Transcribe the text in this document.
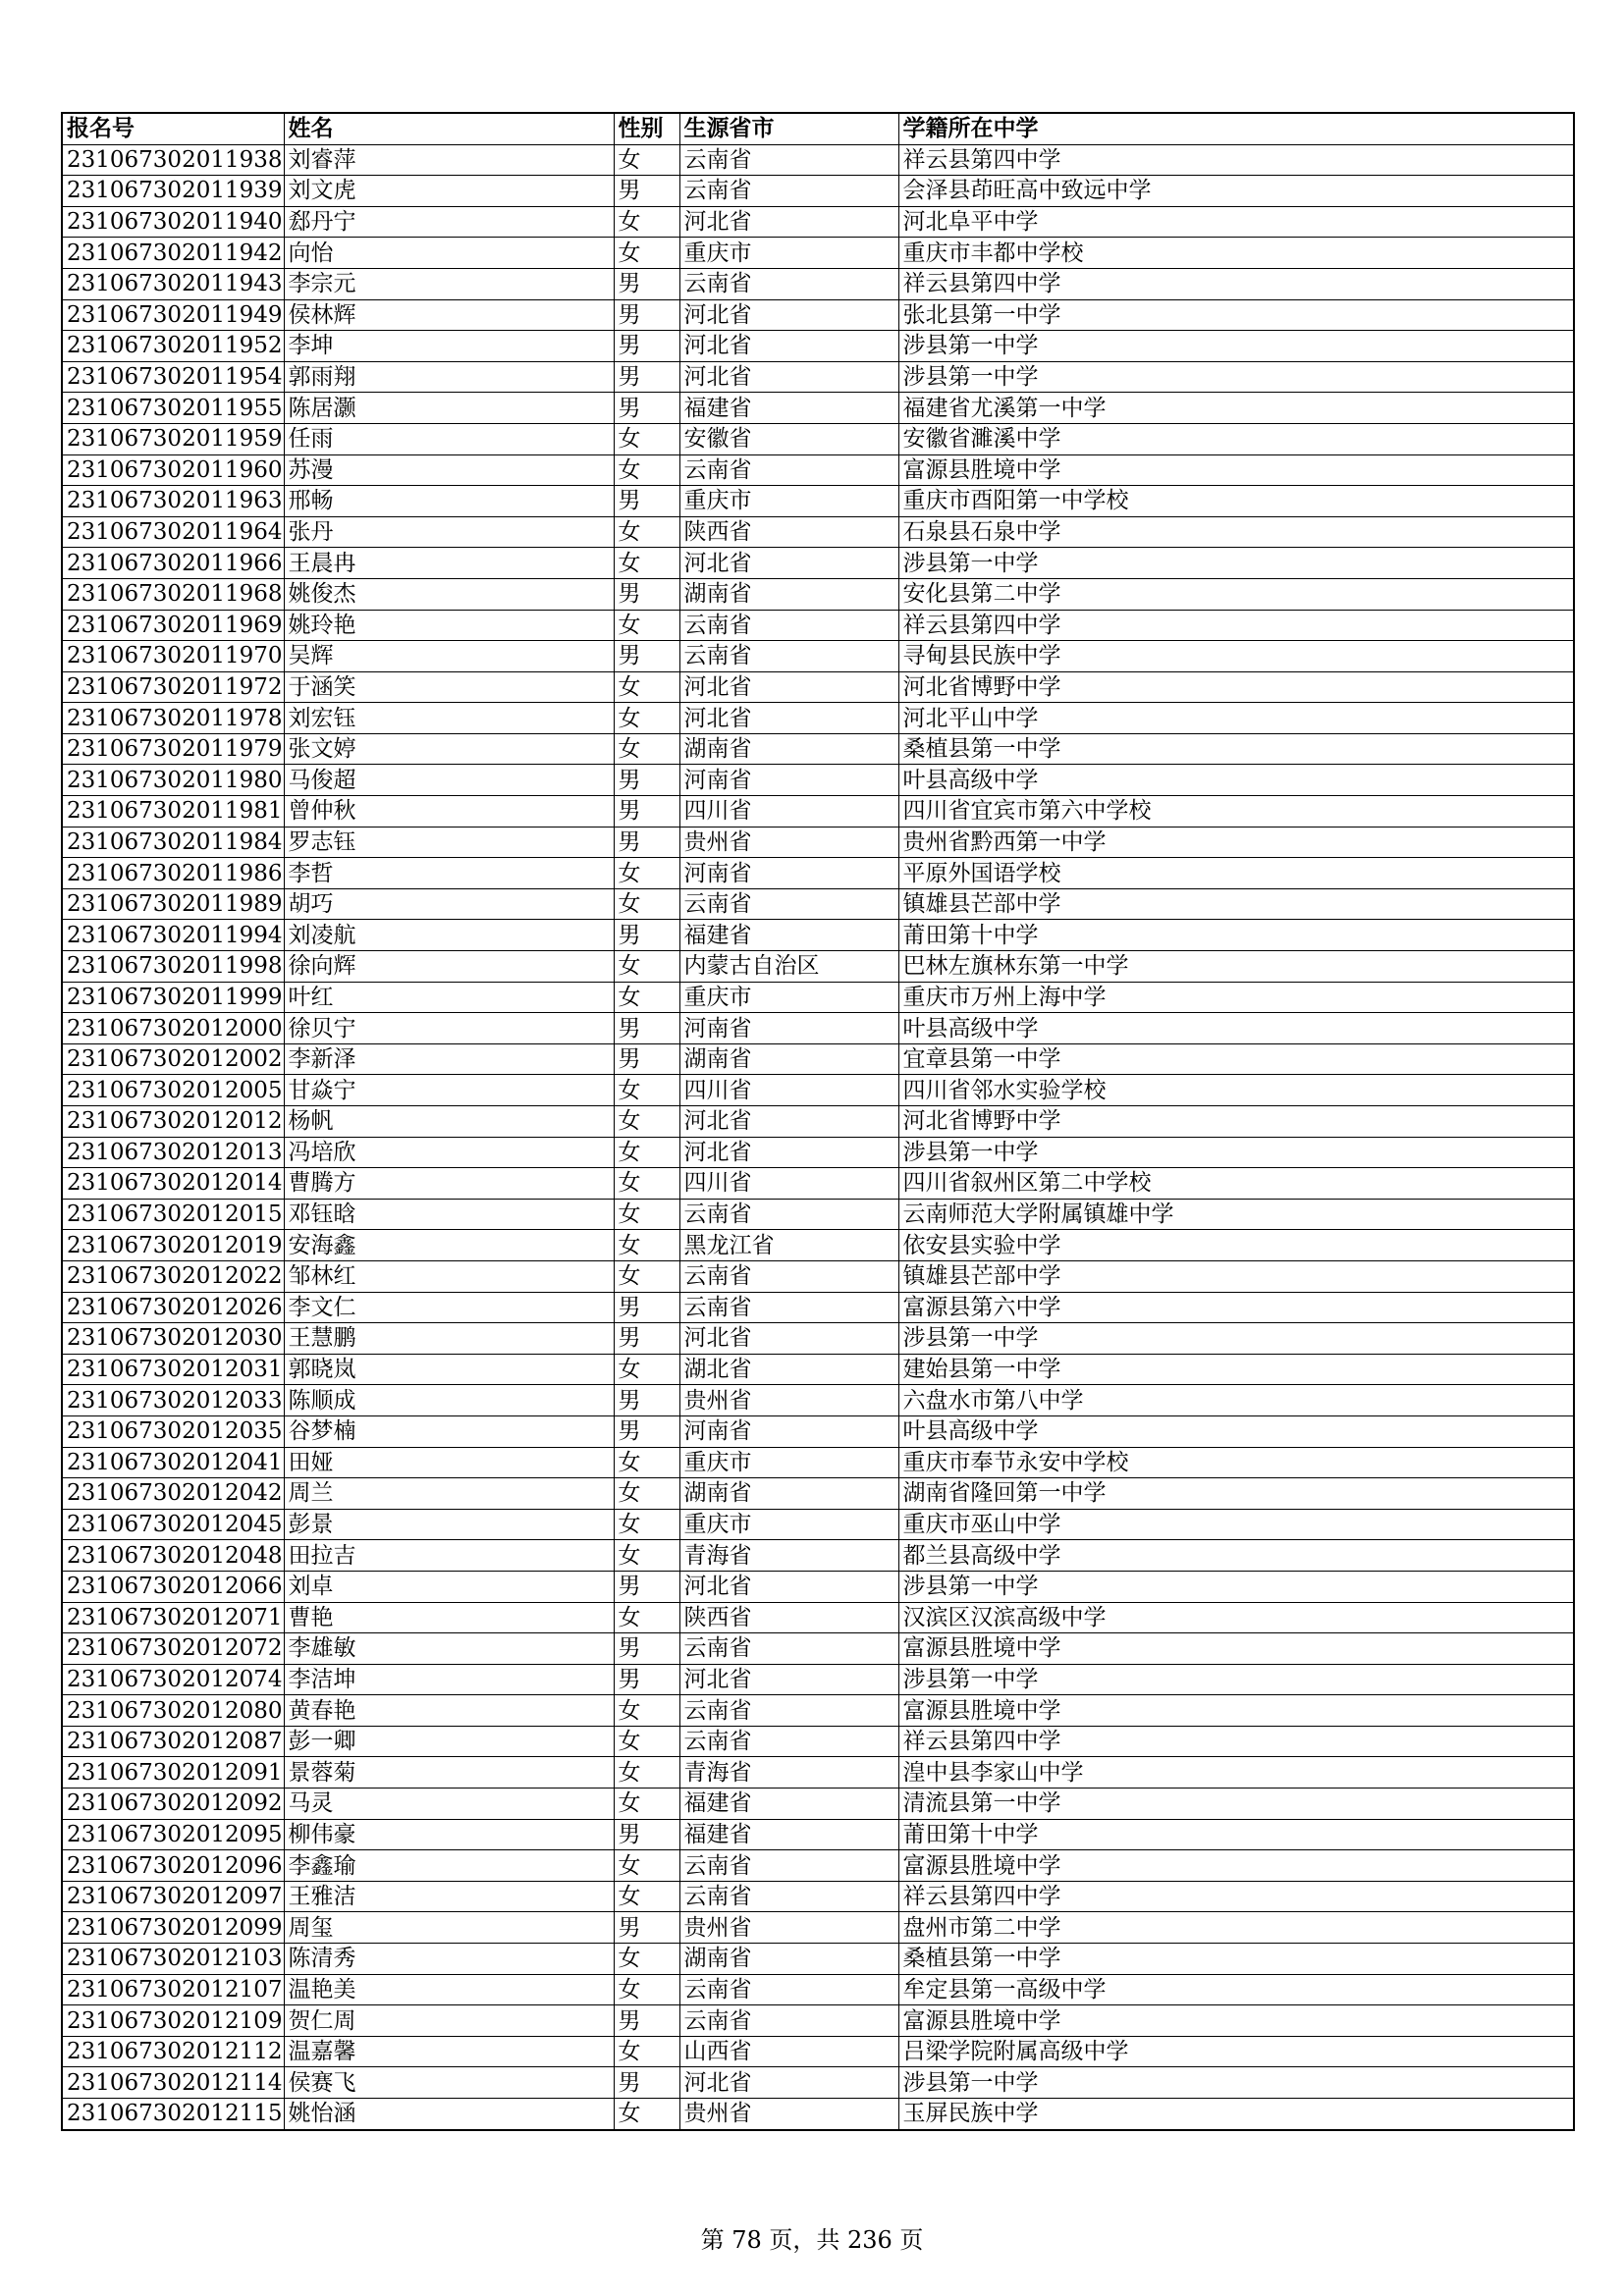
报名号	姓名	性别	生源省市	学籍所在中学
231067302011938	刘睿萍	女	云南省	祥云县第四中学
231067302011939	刘文虎	男	云南省	会泽县茚旺高中致远中学
231067302011940	郄丹宁	女	河北省	河北阜平中学
231067302011942	向怡	女	重庆市	重庆市丰都中学校
231067302011943	李宗元	男	云南省	祥云县第四中学
231067302011949	侯林辉	男	河北省	张北县第一中学
231067302011952	李坤	男	河北省	涉县第一中学
231067302011954	郭雨翔	男	河北省	涉县第一中学
231067302011955	陈居灏	男	福建省	福建省尤溪第一中学
231067302011959	任雨	女	安徽省	安徽省濉溪中学
231067302011960	苏漫	女	云南省	富源县胜境中学
231067302011963	邢畅	男	重庆市	重庆市酉阳第一中学校
231067302011964	张丹	女	陕西省	石泉县石泉中学
231067302011966	王晨冉	女	河北省	涉县第一中学
231067302011968	姚俊杰	男	湖南省	安化县第二中学
231067302011969	姚玲艳	女	云南省	祥云县第四中学
231067302011970	吴辉	男	云南省	寻甸县民族中学
231067302011972	于涵笑	女	河北省	河北省博野中学
231067302011978	刘宏钰	女	河北省	河北平山中学
231067302011979	张文婷	女	湖南省	桑植县第一中学
231067302011980	马俊超	男	河南省	叶县高级中学
231067302011981	曾仲秋	男	四川省	四川省宜宾市第六中学校
231067302011984	罗志钰	男	贵州省	贵州省黔西第一中学
231067302011986	李哲	女	河南省	平原外国语学校
231067302011989	胡巧	女	云南省	镇雄县芒部中学
231067302011994	刘凌航	男	福建省	莆田第十中学
231067302011998	徐向辉	女	内蒙古自治区	巴林左旗林东第一中学
231067302011999	叶红	女	重庆市	重庆市万州上海中学
231067302012000	徐贝宁	男	河南省	叶县高级中学
231067302012002	李新泽	男	湖南省	宜章县第一中学
231067302012005	甘焱宁	女	四川省	四川省邻水实验学校
231067302012012	杨帆	女	河北省	河北省博野中学
231067302012013	冯培欣	女	河北省	涉县第一中学
231067302012014	曹腾方	女	四川省	四川省叙州区第二中学校
231067302012015	邓钰晗	女	云南省	云南师范大学附属镇雄中学
231067302012019	安海鑫	女	黑龙江省	依安县实验中学
231067302012022	邹林红	女	云南省	镇雄县芒部中学
231067302012026	李文仁	男	云南省	富源县第六中学
231067302012030	王慧鹏	男	河北省	涉县第一中学
231067302012031	郭晓岚	女	湖北省	建始县第一中学
231067302012033	陈顺成	男	贵州省	六盘水市第八中学
231067302012035	谷梦楠	男	河南省	叶县高级中学
231067302012041	田娅	女	重庆市	重庆市奉节永安中学校
231067302012042	周兰	女	湖南省	湖南省隆回第一中学
231067302012045	彭景	女	重庆市	重庆市巫山中学
231067302012048	田拉吉	女	青海省	都兰县高级中学
231067302012066	刘卓	男	河北省	涉县第一中学
231067302012071	曹艳	女	陕西省	汉滨区汉滨高级中学
231067302012072	李雄敏	男	云南省	富源县胜境中学
231067302012074	李洁坤	男	河北省	涉县第一中学
231067302012080	黄春艳	女	云南省	富源县胜境中学
231067302012087	彭一卿	女	云南省	祥云县第四中学
231067302012091	景蓉菊	女	青海省	湟中县李家山中学
231067302012092	马灵	女	福建省	清流县第一中学
231067302012095	柳伟豪	男	福建省	莆田第十中学
231067302012096	李鑫瑜	女	云南省	富源县胜境中学
231067302012097	王雅洁	女	云南省	祥云县第四中学
231067302012099	周玺	男	贵州省	盘州市第二中学
231067302012103	陈清秀	女	湖南省	桑植县第一中学
231067302012107	温艳美	女	云南省	牟定县第一高级中学
231067302012109	贺仁周	男	云南省	富源县胜境中学
231067302012112	温嘉馨	女	山西省	吕梁学院附属高级中学
231067302012114	侯赛飞	男	河北省	涉县第一中学
231067302012115	姚怡涵	女	贵州省	玉屏民族中学
第 78 页，共 236 页
